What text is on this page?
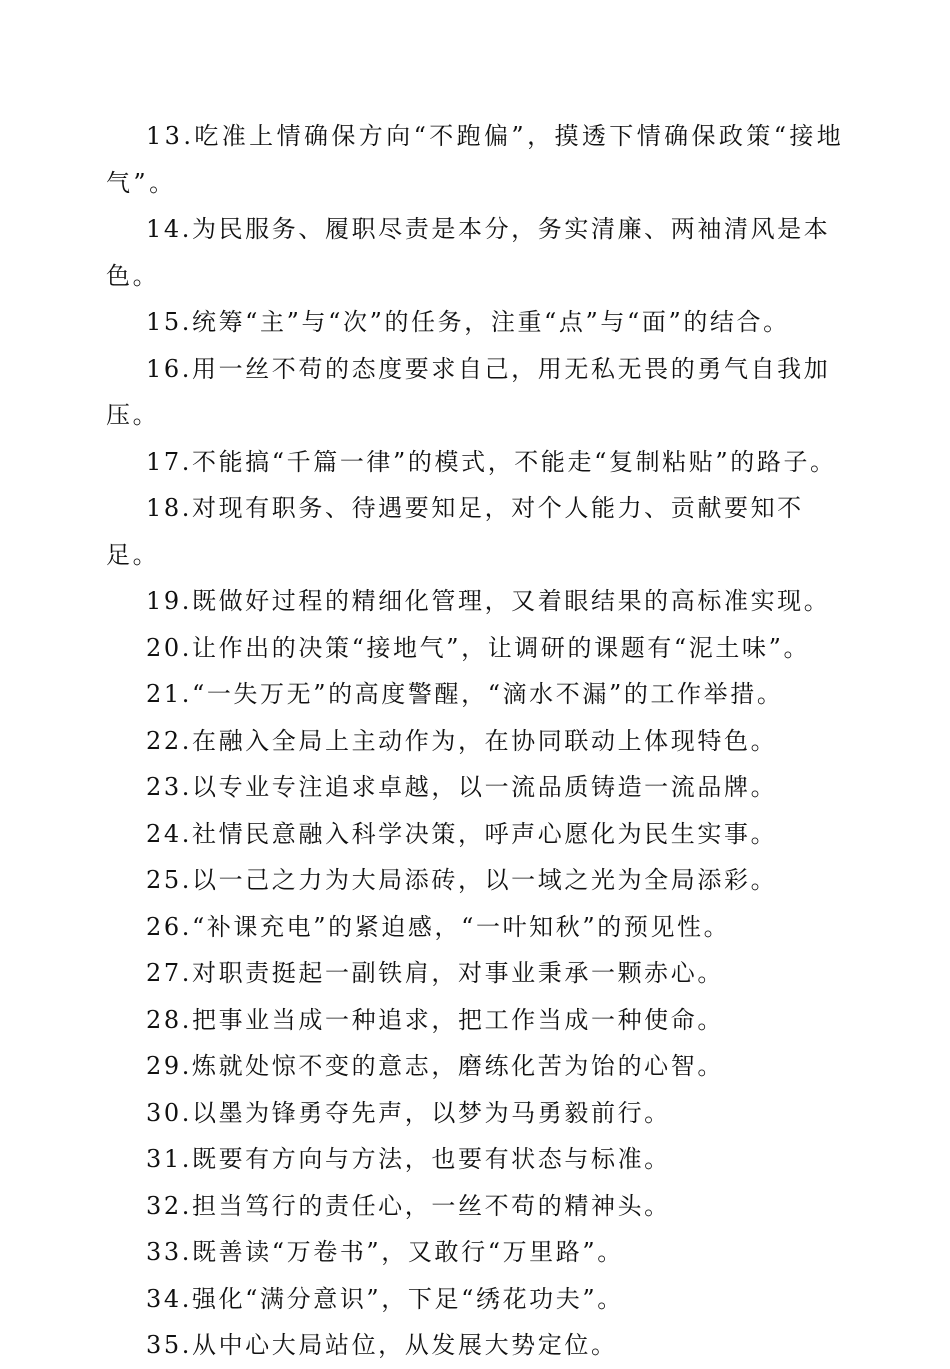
13.吃准上情确保方向“不跑偏”，摸透下情确保政策“接地气”。

14.为民服务、履职尽责是本分，务实清廉、两袖清风是本色。

15.统筹“主”与“次”的任务，注重“点”与“面”的结合。

16.用一丝不苟的态度要求自己，用无私无畏的勇气自我加压。

17.不能搞“千篇一律”的模式，不能走“复制粘贴”的路子。

18.对现有职务、待遇要知足，对个人能力、贡献要知不足。

19.既做好过程的精细化管理，又着眼结果的高标准实现。

20.让作出的决策“接地气”，让调研的课题有“泥土味”。

21.“一失万无”的高度警醒，“滴水不漏”的工作举措。

22.在融入全局上主动作为，在协同联动上体现特色。

23.以专业专注追求卓越，以一流品质铸造一流品牌。

24.社情民意融入科学决策，呼声心愿化为民生实事。

25.以一己之力为大局添砖，以一域之光为全局添彩。

26.“补课充电”的紧迫感，“一叶知秋”的预见性。

27.对职责挺起一副铁肩，对事业秉承一颗赤心。

28.把事业当成一种追求，把工作当成一种使命。

29.炼就处惊不变的意志，磨练化苦为饴的心智。

30.以墨为锋勇夺先声，以梦为马勇毅前行。

31.既要有方向与方法，也要有状态与标准。

32.担当笃行的责任心，一丝不苟的精神头。

33.既善读“万卷书”，又敢行“万里路”。

34.强化“满分意识”，下足“绣花功夫”。

35.从中心大局站位，从发展大势定位。
